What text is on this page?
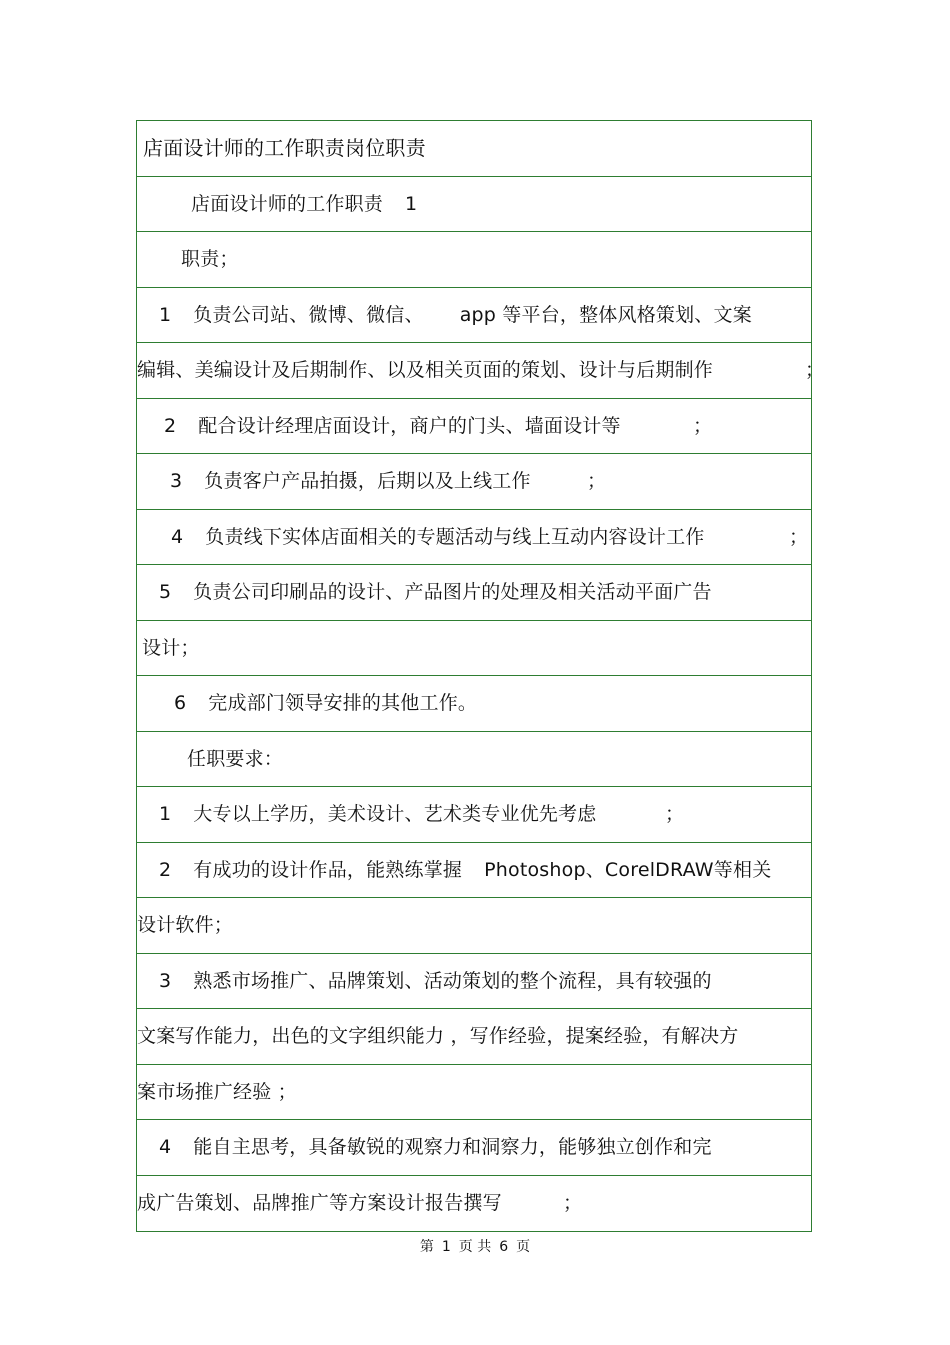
店面设计师的工作职责岗位职责
店面设计师的工作职责 1
职责；
1 负责公司站、微博、微信、 app 等平台，整体风格策划、文案
编辑、美编设计及后期制作、以及相关页面的策划、设计与后期制作	；
2 配合设计经理店面设计，商户的门头、墙面设计等	；
3 负责客户产品拍摄，后期以及上线工作	；
4 负责线下实体店面相关的专题活动与线上互动内容设计工作	；
5 负责公司印刷品的设计、产品图片的处理及相关活动平面广告
设计；
6 完成部门领导安排的其他工作。
任职要求：
1 大专以上学历，美术设计、艺术类专业优先考虑	；
2 有成功的设计作品，能熟练掌握 Photoshop、CorelDRAW等相关
设计软件；
3 熟悉市场推广、品牌策划、活动策划的整个流程，具有较强的
文案写作能力，出色的文字组织能力 ，写作经验，提案经验，有解决方
案市场推广经验 ；
4 能自主思考，具备敏锐的观察力和洞察力，能够独立创作和完
成广告策划、品牌推广等方案设计报告撰写	；
第 1 页 共 6 页
